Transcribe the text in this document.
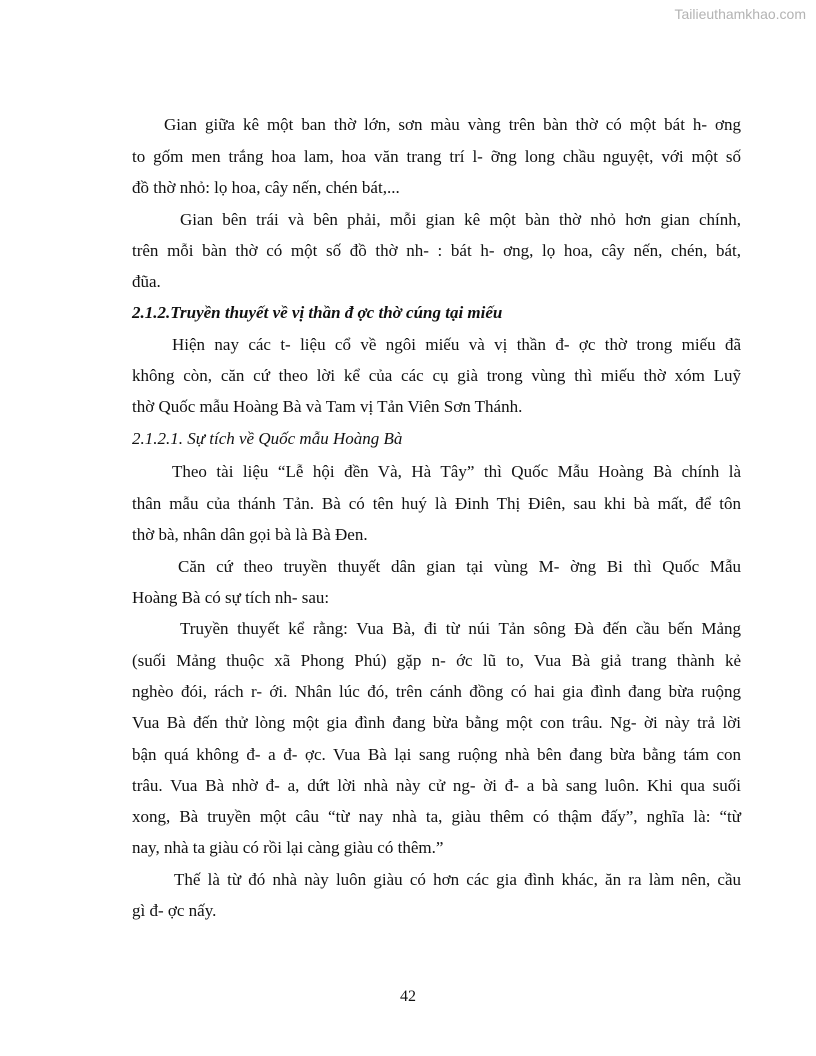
Tailieuthamkhao.com
Gian giữa kê một ban thờ lớn, sơn màu vàng trên bàn thờ có một bát h- ơng
to gốm men trắng hoa lam, hoa văn trang trí l- ỡng long chầu nguyệt, với một số
đồ thờ nhỏ: lọ hoa, cây nến, chén bát,...
Gian bên trái và bên phải, mỗi gian kê một bàn thờ nhỏ hơn gian chính,
trên mỗi bàn thờ có một số đồ thờ nh- : bát h- ơng, lọ hoa, cây nến, chén, bát,
đũa.
2.1.2.Truyền thuyết về vị thần đ ợc thờ cúng tại miếu
Hiện nay các t- liệu cổ về ngôi miếu và vị thần đ- ợc thờ trong miếu đã
không còn, căn cứ theo lời kể của các cụ già trong vùng thì miếu thờ xóm Luỹ
thờ Quốc mẫu Hoàng Bà và Tam vị Tản Viên Sơn Thánh.
2.1.2.1. Sự tích về Quốc mẫu Hoàng Bà
Theo tài liệu “Lễ hội đền Và, Hà Tây” thì Quốc Mẫu Hoàng Bà chính là
thân mẫu của thánh Tản. Bà có tên huý là Đinh Thị Điên, sau khi bà mất, để tôn
thờ bà, nhân dân gọi bà là Bà Đen.
Căn cứ theo truyền thuyết dân gian tại vùng M- ờng Bi thì Quốc Mẫu
Hoàng Bà có sự tích nh- sau:
Truyền thuyết kể rằng: Vua Bà, đi từ núi Tản sông Đà đến cầu bến Mảng
(suối Mảng thuộc xã Phong Phú) gặp n- ớc lũ to, Vua Bà giả trang thành kẻ
nghèo đói, rách r- ới. Nhân lúc đó, trên cánh đồng có hai gia đình đang bừa ruộng
Vua Bà đến thử lòng một gia đình đang bừa bằng một con trâu. Ng- ời này trả lời
bận quá không đ- a đ- ợc. Vua Bà lại sang ruộng nhà bên đang bừa bằng tám con
trâu. Vua Bà nhờ đ- a, dứt lời nhà này cử ng- ời đ- a bà sang luôn. Khi qua suối
xong, Bà truyền một câu “từ nay nhà ta, giàu thêm có thậm đấy”, nghĩa là: “từ
nay, nhà ta giàu có rồi lại càng giàu có thêm.”
Thế là từ đó nhà này luôn giàu có hơn các gia đình khác, ăn ra làm nên, cầu
gì đ- ợc nấy.
42
